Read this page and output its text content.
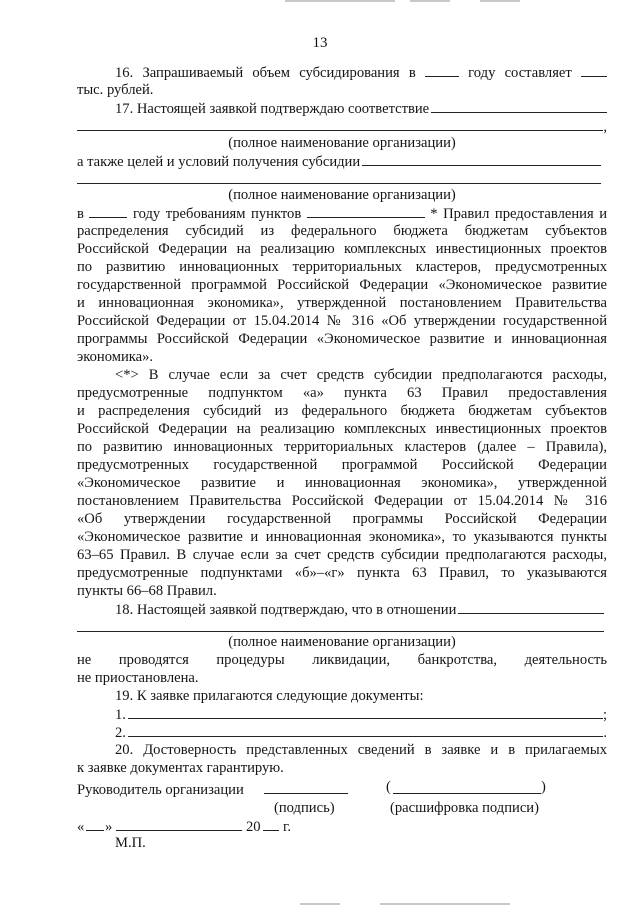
13
16. Запрашиваемый объем субсидирования в	году составляет
тыс. рублей.
17. Настоящей заявкой подтверждаю соответствие
,
(полное наименование организации)
а также целей и условий получения субсидии
(полное наименование организации)
в	году требованиям пунктов	* Правил предоставления и
распределения субсидий из федерального бюджета бюджетам субъектов
Российской Федерации на реализацию комплексных инвестиционных проектов
по развитию инновационных территориальных кластеров, предусмотренных
государственной программой Российской Федерации «Экономическое развитие
и инновационная экономика», утвержденной постановлением Правительства
Российской Федерации от 15.04.2014 № 316 «Об утверждении государственной
программы Российской Федерации «Экономическое развитие и инновационная
экономика».
<*> В случае если за счет средств субсидии предполагаются расходы,
предусмотренные подпунктом «а» пункта 63 Правил предоставления
и распределения субсидий из федерального бюджета бюджетам субъектов
Российской Федерации на реализацию комплексных инвестиционных проектов
по развитию инновационных территориальных кластеров (далее – Правила),
предусмотренных государственной программой Российской Федерации
«Экономическое развитие и инновационная экономика», утвержденной
постановлением Правительства Российской Федерации от 15.04.2014 № 316
«Об утверждении государственной программы Российской Федерации
«Экономическое развитие и инновационная экономика», то указываются пункты
63–65 Правил. В случае если за счет средств субсидии предполагаются расходы,
предусмотренные подпунктами «б»–«г» пункта 63 Правил, то указываются
пункты 66–68 Правил.
18. Настоящей заявкой подтверждаю, что в отношении
(полное наименование организации)
не проводятся процедуры ликвидации, банкротства, деятельность
не приостановлена.
19. К заявке прилагаются следующие документы:
1.	;
2.	.
20. Достоверность представленных сведений в заявке и в прилагаемых
к заявке документах гарантирую.
Руководитель организации	(	)
(подпись)	(расшифровка подписи)
« »	20 г.
М.П.
